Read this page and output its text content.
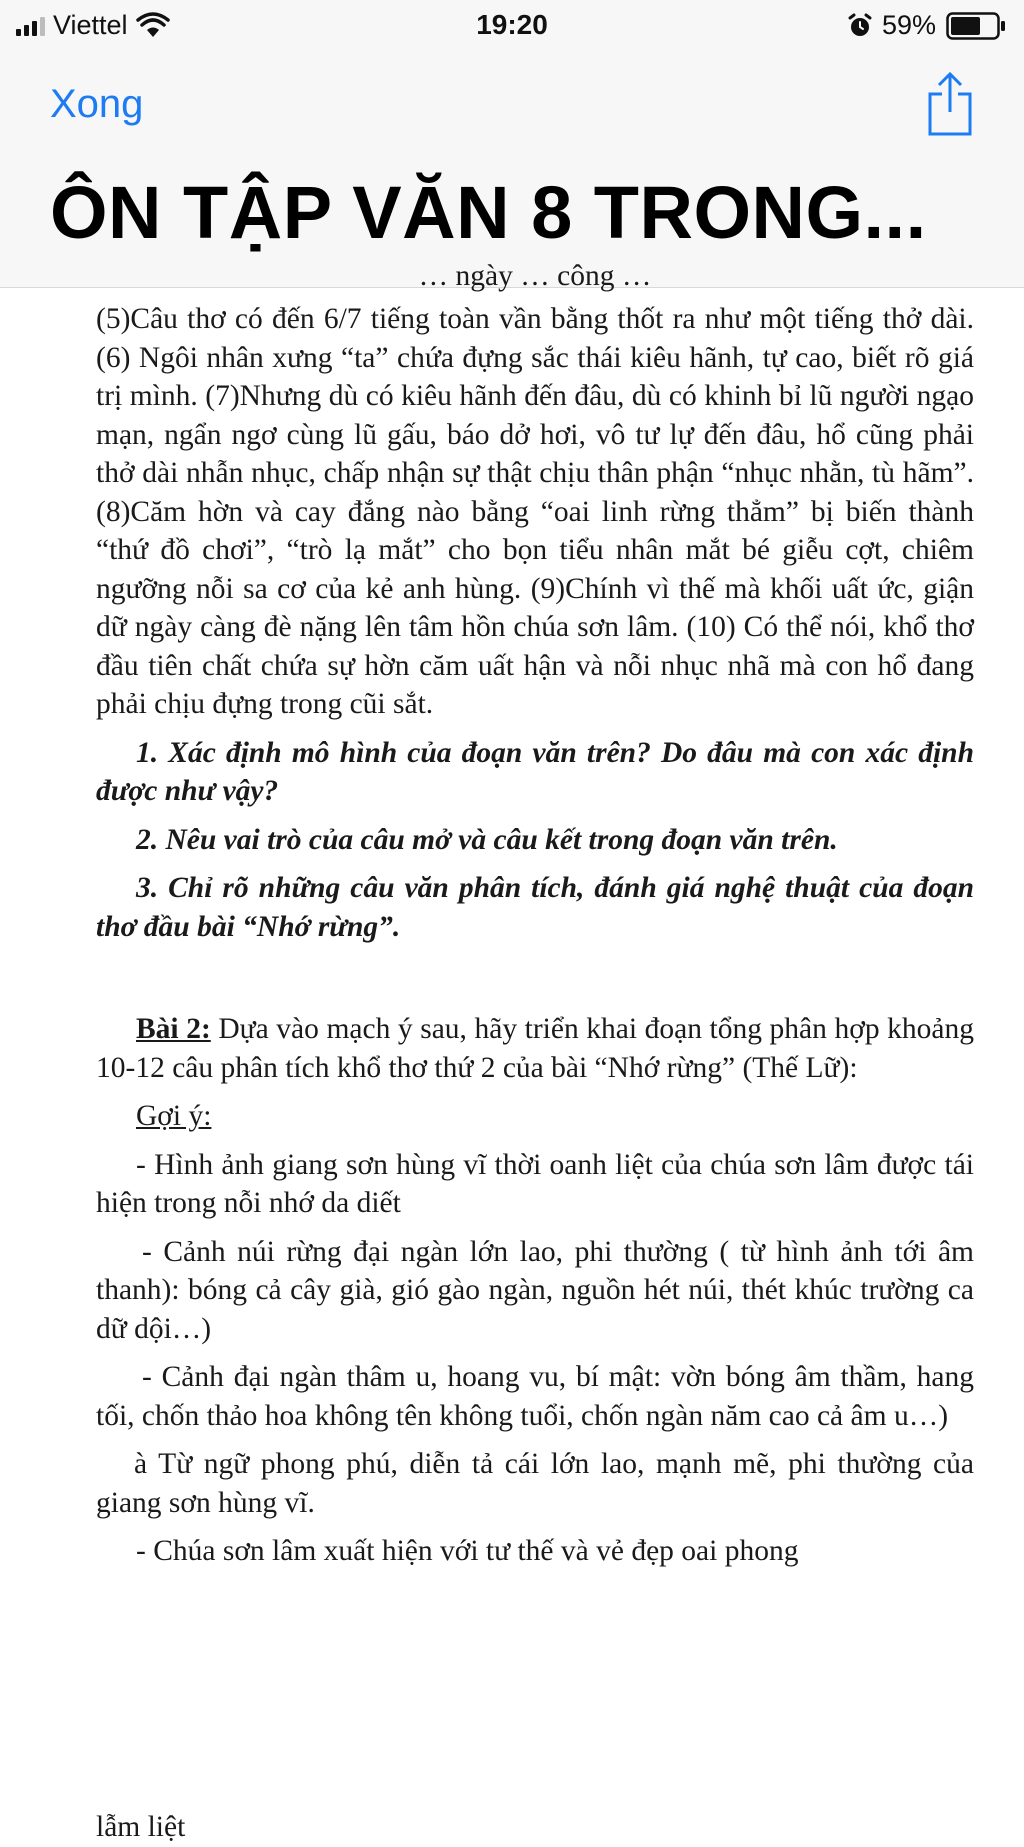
Viettel	19:20	59%
Xong
ÔN TẬP VĂN 8 TRONG...
… ngày … công …

(5)Câu thơ có đến 6/7 tiếng toàn vần bằng thốt ra như một tiếng thở dài. (6) Ngôi nhân xưng “ta” chứa đựng sắc thái kiêu hãnh, tự cao, biết rõ giá trị mình. (7)Nhưng dù có kiêu hãnh đến đâu, dù có khinh bỉ lũ người ngạo mạn, ngẩn ngơ cùng lũ gấu, báo dở hơi, vô tư lự đến đâu, hổ cũng phải thở dài nhẫn nhục, chấp nhận sự thật chịu thân phận “nhục nhằn, tù hãm”. (8)Căm hờn và cay đắng nào bằng “oai linh rừng thẳm” bị biến thành “thứ đồ chơi”, “trò lạ mắt” cho bọn tiểu nhân mắt bé giễu cợt, chiêm ngưỡng nỗi sa cơ của kẻ anh hùng. (9)Chính vì thế mà khối uất ức, giận dữ ngày càng đè nặng lên tâm hồn chúa sơn lâm. (10) Có thể nói, khổ thơ đầu tiên chất chứa sự hờn căm uất hận và nỗi nhục nhã mà con hổ đang phải chịu đựng trong cũi sắt.

1. Xác định mô hình của đoạn văn trên? Do đâu mà con xác định được như vậy?

2. Nêu vai trò của câu mở và câu kết trong đoạn văn trên.

3. Chỉ rõ những câu văn phân tích, đánh giá nghệ thuật của đoạn thơ đầu bài “Nhớ rừng”.

Bài 2: Dựa vào mạch ý sau, hãy triển khai đoạn tổng phân hợp khoảng 10-12 câu phân tích khổ thơ thứ 2 của bài “Nhớ rừng” (Thế Lữ):

Gợi ý:

- Hình ảnh giang sơn hùng vĩ thời oanh liệt của chúa sơn lâm được tái hiện trong nỗi nhớ da diết

- Cảnh núi rừng đại ngàn lớn lao, phi thường ( từ hình ảnh tới âm thanh): bóng cả cây già, gió gào ngàn, nguồn hét núi, thét khúc trường ca dữ dội…)

- Cảnh đại ngàn thâm u, hoang vu, bí mật: vờn bóng âm thầm, hang tối, chốn thảo hoa không tên không tuổi, chốn ngàn năm cao cả âm u…)

à Từ ngữ phong phú, diễn tả cái lớn lao, mạnh mẽ, phi thường của giang sơn hùng vĩ.

- Chúa sơn lâm xuất hiện với tư thế và vẻ đẹp oai phong

lẫm liệt
